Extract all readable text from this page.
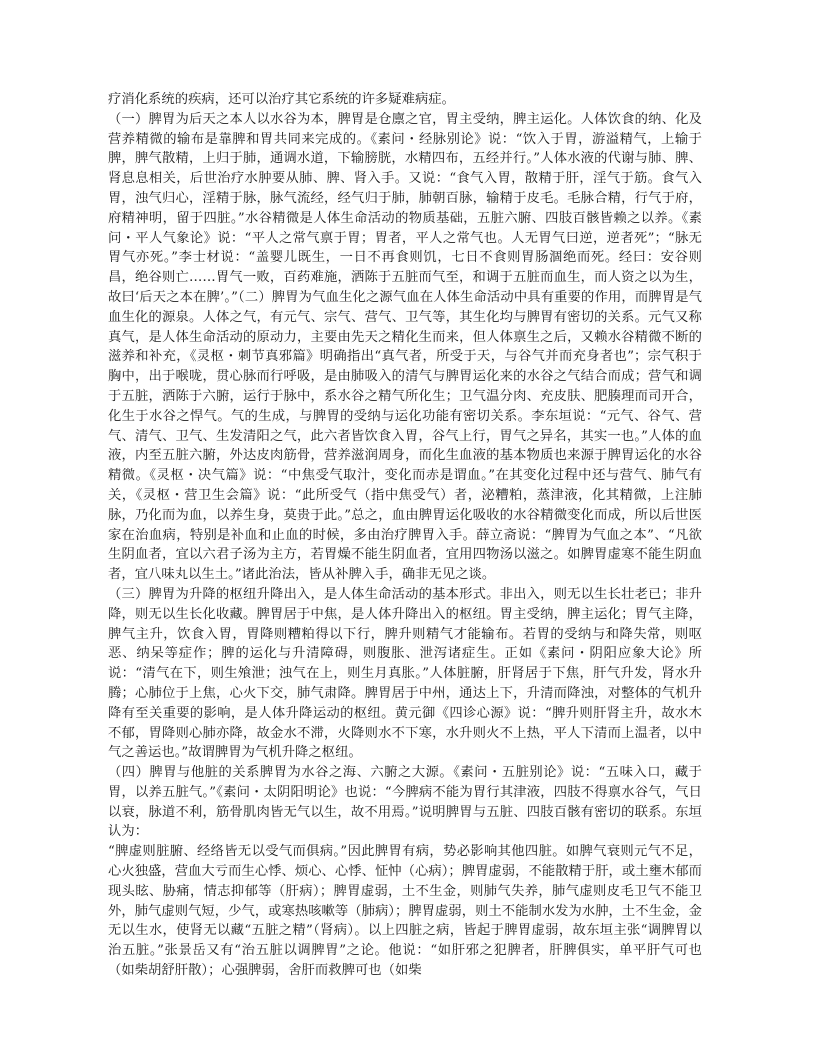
疗消化系统的疾病，还可以治疗其它系统的许多疑难病症。

（一）脾胃为后天之本人以水谷为本，脾胃是仓廪之官，胃主受纳，脾主运化。人体饮食的纳、化及营养精微的输布是靠脾和胃共同来完成的。《素问・经脉别论》说：“饮入于胃，游溢精气，上输于脾，脾气散精，上归于肺，通调水道，下输膀胱，水精四布，五经并行。”人体水液的代谢与肺、脾、肾息息相关，后世治疗水肿要从肺、脾、肾入手。又说：“食气入胃，散精于肝，淫气于筋。食气入胃，浊气归心，淫精于脉，脉气流经，经气归于肺，肺朝百脉，输精于皮毛。毛脉合精，行气于府，府精神明，留于四脏。”水谷精微是人体生命活动的物质基础，五脏六腑、四肢百骸皆赖之以养。《素问・平人气象论》说：“平人之常气禀于胃；胃者，平人之常气也。人无胃气曰逆，逆者死”；“脉无胃气亦死。”李士材说：“盖婴儿既生，一日不再食则饥，七日不食则胃肠涸绝而死。经曰：安谷则昌，绝谷则亡……胃气一败，百药难施，洒陈于五脏而气至，和调于五脏而血生，而人资之以为生，故曰‘后天之本在脾’。”（二）脾胃为气血生化之源气血在人体生命活动中具有重要的作用，而脾胃是气血生化的源泉。人体之气，有元气、宗气、营气、卫气等，其生化均与脾胃有密切的关系。元气又称真气，是人体生命活动的原动力，主要由先天之精化生而来，但人体禀生之后，又赖水谷精微不断的滋养和补充，《灵枢・刺节真邪篇》明确指出“真气者，所受于天，与谷气并而充身者也”；宗气积于胸中，出于喉咙，贯心脉而行呼吸，是由肺吸入的清气与脾胃运化来的水谷之气结合而成；营气和调于五脏，洒陈于六腑，运行于脉中，系水谷之精气所化生；卫气温分肉、充皮肤、肥腠理而司开合，化生于水谷之悍气。气的生成，与脾胃的受纳与运化功能有密切关系。李东垣说：“元气、谷气、营气、清气、卫气、生发清阳之气，此六者皆饮食入胃，谷气上行，胃气之异名，其实一也。”人体的血液，内至五脏六腑，外达皮肉筋骨，营养滋润周身，而化生血液的基本物质也来源于脾胃运化的水谷精微。《灵枢・决气篇》说：“中焦受气取汁，变化而赤是谓血。”在其变化过程中还与营气、肺气有关，《灵枢・营卫生会篇》说：“此所受气（指中焦受气）者，泌糟粕，蒸津液，化其精微，上注肺脉，乃化而为血，以养生身，莫贵于此。”总之，血由脾胃运化吸收的水谷精微变化而成，所以后世医家在治血病，特别是补血和止血的时候，多由治疗脾胃入手。薛立斋说：“脾胃为气血之本”、“凡欲生阴血者，宜以六君子汤为主方，若胃燥不能生阴血者，宜用四物汤以滋之。如脾胃虚寒不能生阴血者，宜八味丸以生土。”诸此治法，皆从补脾入手，确非无见之谈。

（三）脾胃为升降的枢纽升降出入，是人体生命活动的基本形式。非出入，则无以生长壮老已；非升降，则无以生长化收藏。脾胃居于中焦，是人体升降出入的枢纽。胃主受纳，脾主运化；胃气主降，脾气主升，饮食入胃，胃降则糟粕得以下行，脾升则精气才能输布。若胃的受纳与和降失常，则呕恶、纳呆等症作；脾的运化与升清障碍，则腹胀、泄泻诸症生。正如《素问・阴阳应象大论》所说：“清气在下，则生飧泄；浊气在上，则生月真胀。”人体脏腑，肝肾居于下焦，肝气升发，肾水升腾；心肺位于上焦，心火下交，肺气肃降。脾胃居于中州，通达上下，升清而降浊，对整体的气机升降有至关重要的影响，是人体升降运动的枢纽。黄元御《四诊心源》说：“脾升则肝肾主升，故水木不郁，胃降则心肺亦降，故金水不滞，火降则水不下寒，水升则火不上热，平人下清而上温者，以中气之善运也。”故谓脾胃为气机升降之枢纽。

（四）脾胃与他脏的关系脾胃为水谷之海、六腑之大源。《素问・五脏别论》说：“五味入口，藏于胃，以养五脏气。”《素问・太阴阳明论》也说：“今脾病不能为胃行其津液，四肢不得禀水谷气，气日以衰，脉道不利，筋骨肌肉皆无气以生，故不用焉。”说明脾胃与五脏、四肢百骸有密切的联系。东垣认为：

“脾虚则脏腑、经络皆无以受气而俱病。”因此脾胃有病，势必影响其他四脏。如脾气衰则元气不足，心火独盛，营血大亏而生心悸、烦心、心悸、怔忡（心病）；脾胃虚弱，不能散精于肝，或土壅木郁而现头眩、胁痛，情志抑郁等（肝病）；脾胃虚弱，土不生金，则肺气失养，肺气虚则皮毛卫气不能卫外，肺气虚则气短，少气，或寒热咳嗽等（肺病）；脾胃虚弱，则土不能制水发为水肿，土不生金，金无以生水，使肾无以藏“五脏之精”（肾病）。以上四脏之病，皆起于脾胃虚弱，故东垣主张“调脾胃以治五脏。”张景岳又有“治五脏以调脾胃”之论。他说：“如肝邪之犯脾者，肝脾俱实，单平肝气可也（如柴胡舒肝散）；心强脾弱，舍肝而救脾可也（如柴
